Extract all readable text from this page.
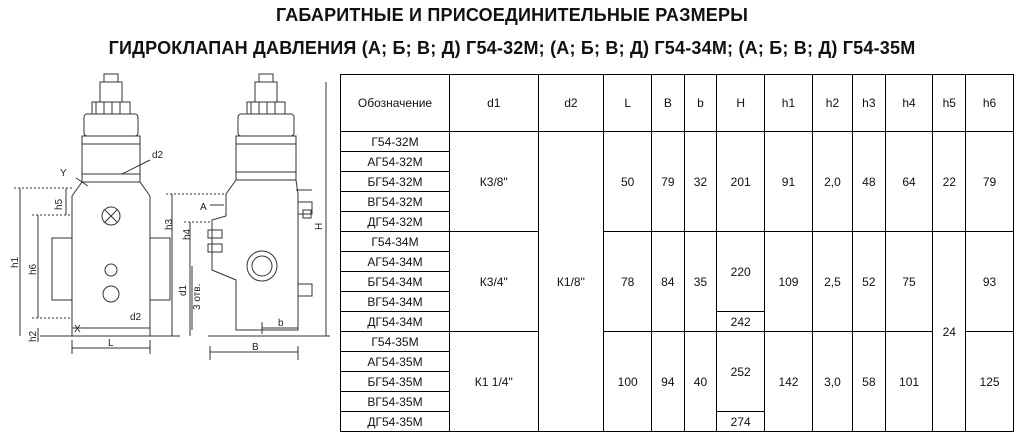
ГАБАРИТНЫЕ И ПРИСОЕДИНИТЕЛЬНЫЕ РАЗМЕРЫ
ГИДРОКЛАПАН ДАВЛЕНИЯ (А; Б; В; Д) Г54-32М; (А; Б; В; Д) Г54-34М; (А; Б; В; Д) Г54-35М
d2
Y
h5
h1
h6
h2
X
L
d2
h4
h3
A
H
d1 3 отв.
b
B
Обозначение	d1	d2	L	B	b	H	h1	h2	h3	h4	h5	h6
Г54-32М	К3/8"	К1/8"	50	79	32	201	91	2,0	48	64	22	79
АГ54-32М												
БГ54-32М												
ВГ54-32М												
ДГ54-32М												
Г54-34М	К3/4"		78	84	35	220	109	2,5	52	75	24	93
АГ54-34М												
БГ54-34М												
ВГ54-34М												
ДГ54-34М						242						
Г54-35М	К1 1/4"		100	94	40	252	142	3,0	58	101		125
АГ54-35М												
БГ54-35М												
ВГ54-35М												
ДГ54-35М						274						
